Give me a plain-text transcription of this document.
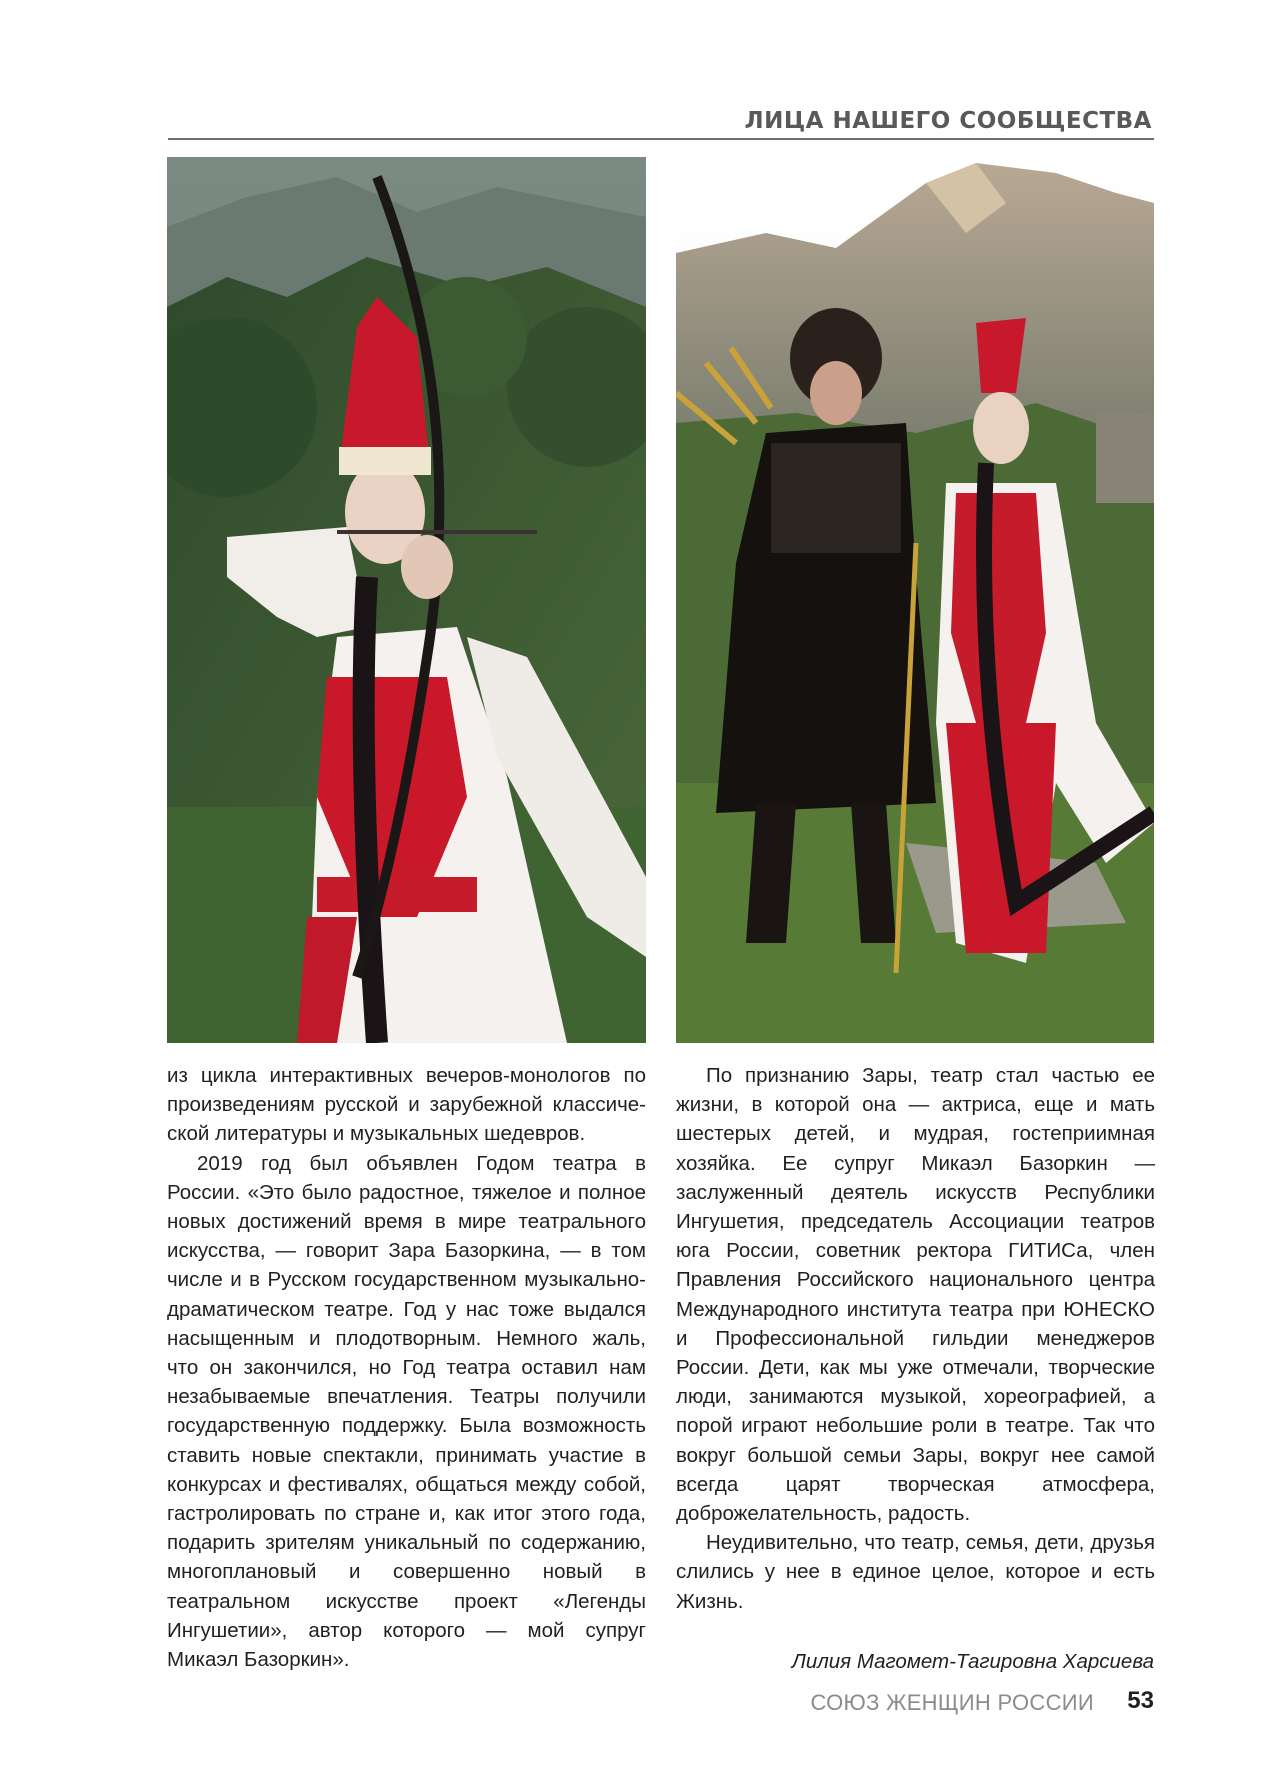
ЛИЦА НАШЕГО СООБЩЕСТВА

из цикла интерактивных вечеров-монологов по произведениям русской и зарубежной классиче-ской литературы и музыкальных шедевров.

2019 год был объявлен Годом театра в России. «Это было радостное, тяжелое и полное новых достижений время в мире театрального искусства, — говорит Зара Базоркина, — в том числе и в Русском государственном музыкально-драматическом театре. Год у нас тоже выдался насыщенным и плодотворным. Немного жаль, что он закончился, но Год театра оставил нам незабываемые впечатления. Театры получили государственную поддержку. Была возможность ставить новые спектакли, принимать участие в конкурсах и фестивалях, общаться между собой, гастролировать по стране и, как итог этого года, подарить зрителям уникальный по содержанию, многоплановый и совершенно новый в театральном искусстве проект «Легенды Ингушетии», автор которого — мой супруг Микаэл Базоркин».

По признанию Зары, театр стал частью ее жизни, в которой она — актриса, еще и мать шестерых детей, и мудрая, гостеприимная хозяйка. Ее супруг Микаэл Базоркин — заслуженный деятель искусств Республики Ингушетия, председатель Ассоциации театров юга России, советник ректора ГИТИСа, член Правления Российского национального центра Международного института театра при ЮНЕСКО и Профессиональной гильдии менеджеров России. Дети, как мы уже отмечали, творческие люди, занимаются музыкой, хореографией, а порой играют небольшие роли в театре. Так что вокруг большой семьи Зары, вокруг нее самой всегда царят творческая атмосфера, доброжелательность, радость.

Неудивительно, что театр, семья, дети, друзья слились у нее в единое целое, которое и есть Жизнь.

Лилия Магомет-Тагировна Харсиева
СОЮЗ ЖЕНЩИН РОССИИ 53
